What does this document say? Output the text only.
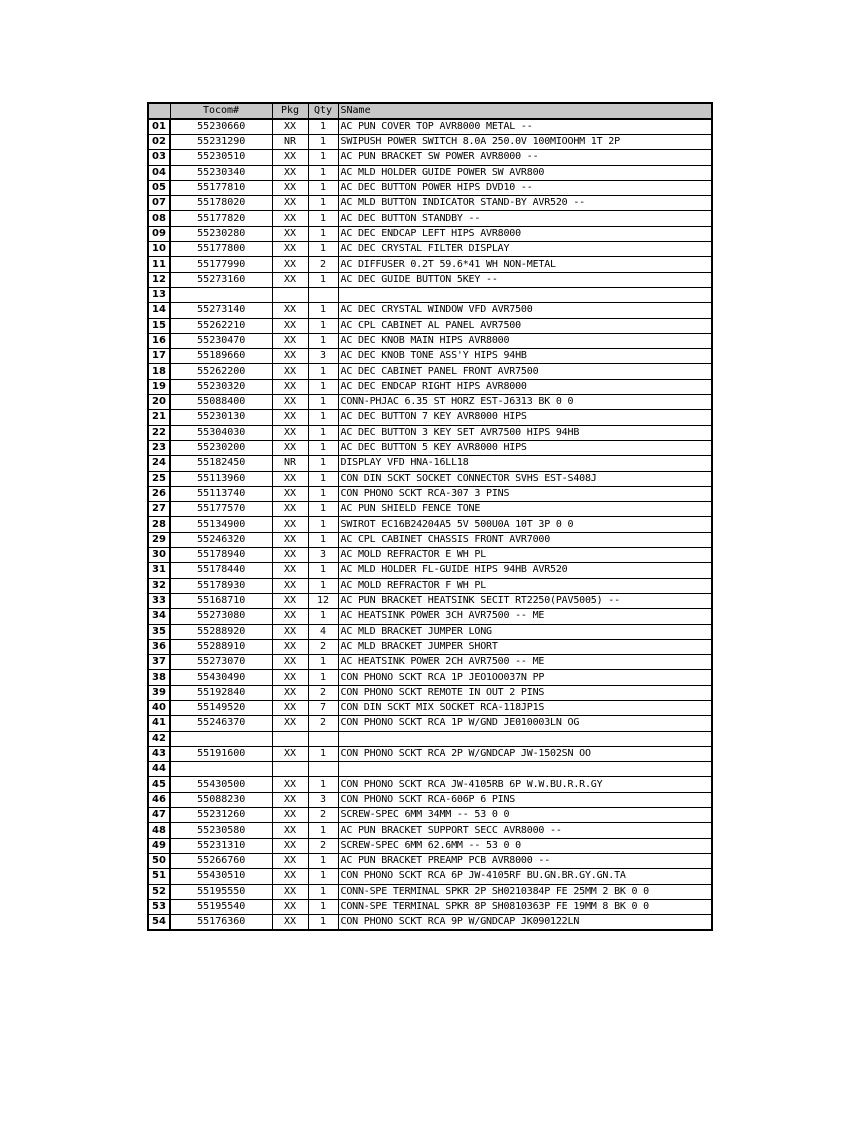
	Tocom#	Pkg	Qty	SName
01	55230660	XX	1	AC PUN COVER TOP AVR8000 METAL --
02	55231290	NR	1	SWIPUSH POWER SWITCH 8.0A 250.0V 100MIOOHM 1T 2P
03	55230510	XX	1	AC PUN BRACKET SW POWER AVR8000 --
04	55230340	XX	1	AC MLD HOLDER GUIDE POWER SW AVR800
05	55177810	XX	1	AC DEC BUTTON POWER HIPS DVD10 --
07	55178020	XX	1	AC MLD BUTTON INDICATOR STAND-BY AVR520 --
08	55177820	XX	1	AC DEC BUTTON STANDBY --
09	55230280	XX	1	AC DEC ENDCAP LEFT HIPS AVR8000
10	55177800	XX	1	AC DEC CRYSTAL FILTER DISPLAY
11	55177990	XX	2	AC DIFFUSER 0.2T 59.6*41 WH NON-METAL
12	55273160	XX	1	AC DEC GUIDE BUTTON 5KEY --
13				
14	55273140	XX	1	AC DEC CRYSTAL WINDOW VFD AVR7500
15	55262210	XX	1	AC CPL CABINET AL PANEL AVR7500
16	55230470	XX	1	AC DEC KNOB MAIN HIPS AVR8000
17	55189660	XX	3	AC DEC KNOB TONE ASS'Y HIPS 94HB
18	55262200	XX	1	AC DEC CABINET PANEL FRONT AVR7500
19	55230320	XX	1	AC DEC ENDCAP RIGHT HIPS AVR8000
20	55088400	XX	1	CONN-PHJAC 6.35 ST HORZ EST-J6313 BK 0 0
21	55230130	XX	1	AC DEC BUTTON 7 KEY AVR8000 HIPS
22	55304030	XX	1	AC DEC BUTTON 3 KEY SET AVR7500 HIPS 94HB
23	55230200	XX	1	AC DEC BUTTON 5 KEY AVR8000 HIPS
24	55182450	NR	1	DISPLAY VFD HNA-16LL18
25	55113960	XX	1	CON DIN SCKT SOCKET CONNECTOR SVHS EST-S408J
26	55113740	XX	1	CON PHONO SCKT RCA-307 3 PINS
27	55177570	XX	1	AC PUN SHIELD FENCE TONE
28	55134900	XX	1	SWIROT EC16B24204A5 5V 500U0A 10T 3P 0 0
29	55246320	XX	1	AC CPL CABINET CHASSIS FRONT AVR7000
30	55178940	XX	3	AC MOLD REFRACTOR E WH PL
31	55178440	XX	1	AC MLD HOLDER FL-GUIDE HIPS 94HB AVR520
32	55178930	XX	1	AC MOLD REFRACTOR F WH PL
33	55168710	XX	12	AC PUN BRACKET HEATSINK SECIT RT2250(PAV5005) --
34	55273080	XX	1	AC HEATSINK POWER 3CH AVR7500 -- ME
35	55288920	XX	4	AC MLD BRACKET JUMPER LONG
36	55288910	XX	2	AC MLD BRACKET JUMPER SHORT
37	55273070	XX	1	AC HEATSINK POWER 2CH AVR7500 -- ME
38	55430490	XX	1	CON PHONO SCKT RCA 1P JEO1OO037N PP
39	55192840	XX	2	CON PHONO SCKT REMOTE IN OUT 2 PINS
40	55149520	XX	7	CON DIN SCKT MIX SOCKET RCA-118JP1S
41	55246370	XX	2	CON PHONO SCKT RCA 1P W/GND JE010003LN OG
42				
43	55191600	XX	1	CON PHONO SCKT RCA 2P W/GNDCAP JW-1502SN OO
44				
45	55430500	XX	1	CON PHONO SCKT RCA JW-4105RB 6P W.W.BU.R.R.GY
46	55088230	XX	3	CON PHONO SCKT RCA-606P 6 PINS
47	55231260	XX	2	SCREW-SPEC 6MM 34MM -- 53 0 0
48	55230580	XX	1	AC PUN BRACKET SUPPORT SECC AVR8000 --
49	55231310	XX	2	SCREW-SPEC 6MM 62.6MM -- 53 0 0
50	55266760	XX	1	AC PUN BRACKET PREAMP PCB AVR8000 --
51	55430510	XX	1	CON PHONO SCKT RCA 6P JW-4105RF BU.GN.BR.GY.GN.TA
52	55195550	XX	1	CONN-SPE TERMINAL SPKR 2P SH0210384P FE 25MM 2 BK 0 0
53	55195540	XX	1	CONN-SPE TERMINAL SPKR 8P SH0810363P FE 19MM 8 BK 0 0
54	55176360	XX	1	CON PHONO SCKT RCA 9P W/GNDCAP JK090122LN
